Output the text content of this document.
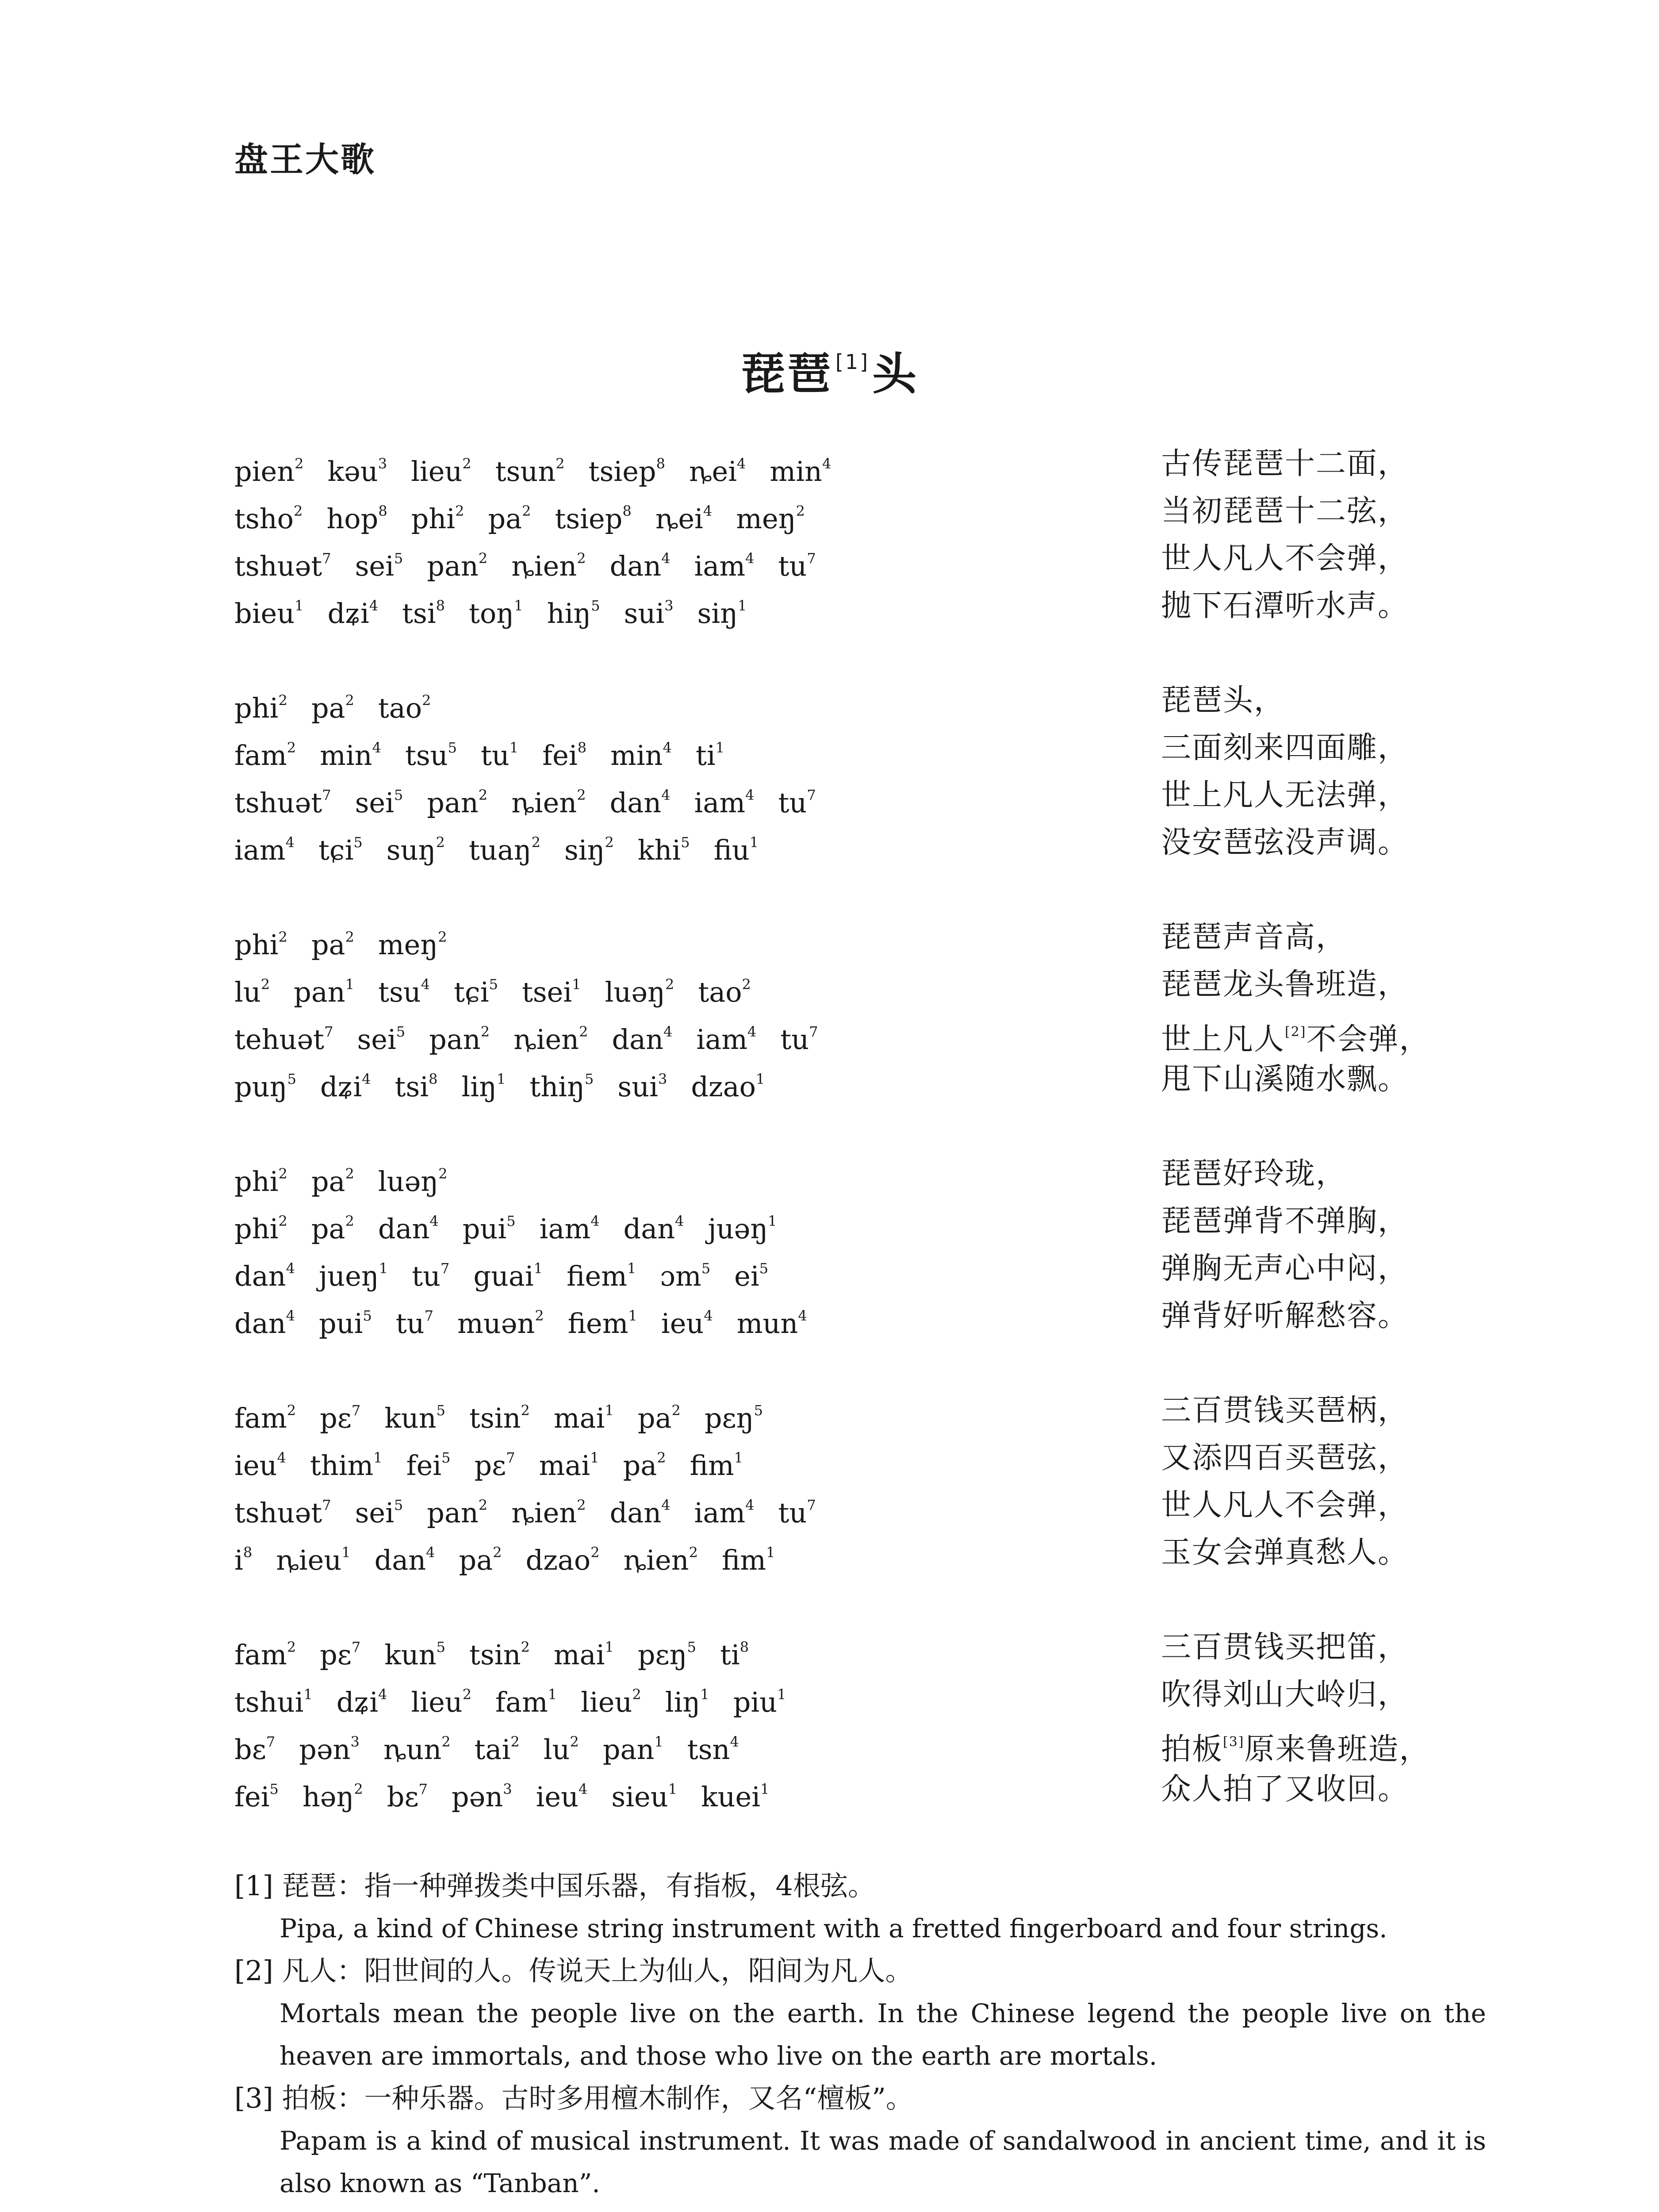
盘王大歌
琵琶 [1]头
pien$^2$ kəu$^3$ lieu$^2$ tsun$^2$ tsiep$^8$ ȵei$^4$ $\min^4$	古传琵琶十二面，
tsho$^2$ hop$^8$ phi$^2$ $pa^2$ tsiep$^8$ ȵei$^4$ meŋ$^2$	当初琵琶十二弦，
tshuət$^7$ sei$^5$ pan$^2$ ȵien$^2$ dan$^4$ iam$^4$ $tu^7$	世人凡人不会弹，
bieu$^1$ dʑi$^4$ tsi$^8$ toŋ$^1$ hiŋ$^5$ sui$^3$ siŋ$^1$	抛下石潭听水声。
phi$^2$ $pa^2$ tao$^2$	琵琶头，
fam$^2$ $\min^4 tsu^5$ $tu^1$ fei$^8$ $\min^4 ti^1$	三面刻来四面雕，
tshuət$^7$ sei$^5$ pan$^2$ ȵien$^2$ dan$^4$ iam$^4$ $tu^7$	世上凡人无法弹，
iam$^4$ tɕi$^5$ suŋ$^2$ tuaŋ$^2$ siŋ$^2$ khi$^5$ fiu$^1$	没安琶弦没声调。
phi$^2$ $pa^2$ meŋ$^2$	琵琶声音高，
$lu^2$ pan$^1$ tsu$^4$ tɕi$^5$ tsei$^1$ luəŋ$^2$ tao$^2$	琵琶龙头鲁班造，
tehuət$^7$ sei$^5$ pan$^2$ ȵien$^2$ dan$^4$ iam$^4$ $tu^7$	世上凡人[2]不会弹，
puŋ$^5$ dʑi$^4$ tsi$^8$ liŋ$^1$ thiŋ$^5$ sui$^3$ dzao$^1$	甩下山溪随水飘。
phi$^2$ $pa^2$ luəŋ$^2$	琵琶好玲珑，
phi$^2$ $pa^2$ dan$^4$ pui$^5$ iam$^4$ dan$^4$ juəŋ$^1$	琵琶弹背不弹胸，
dan$^4$ jueŋ$^1$ $tu^7$ guai$^1$ fiem$^1$ ɔm$^5$ $ei^5$	弹胸无声心中闷，
dan$^4$ pui$^5$ $tu^7$ muən$^2$ fiem$^1$ ieu$^4$ mun$^4$	弹背好听解愁容。
fam$^2$ pɛ$^7$ kun$^5$ tsin$^2$ mai$^1$ $pa^2$ pɛŋ$^5$	三百贯钱买琶柄，
ieu$^4$ thim$^1$ fei$^5$ pɛ$^7$ mai$^1$ $pa^2$ fim$^1$	又添四百买琶弦，
tshuət$^7$ sei$^5$ pan$^2$ ȵien$^2$ dan$^4$ iam$^4$ $tu^7$	世人凡人不会弹，
$i^8$ ȵieu$^1$ dan$^4$ $pa^2$ dzao$^2$ ȵien$^2$ fim$^1$	玉女会弹真愁人。
fam$^2$ pɛ$^7$ kun$^5$ tsin$^2$ mai$^1$ pɛŋ$^5$ $ti^8$	三百贯钱买把笛，
tshui$^1$ dʑi$^4$ lieu$^2$ fam$^1$ lieu$^2$ liŋ$^1$ piu$^1$	吹得刘山大岭归，
bɛ$^7$ pən$^3$ ȵun$^2$ tai$^2$ $lu^2$ pan$^1$ tsn$^4$	拍板[3]原来鲁班造，
fei$^5$ həŋ$^2$ bɛ$^7$ pən$^3$ ieu$^4$ sieu$^1$ kuei$^1$	众人拍了又收回。
[1] 琵琶：指一种弹拨类中国乐器，有指板，4根弦。
Pipa, a kind of Chinese string instrument with a fretted fingerboard and four strings.
[2] 凡人：阳世间的人。传说天上为仙人，阳间为凡人。
Mortals mean the people live on the earth. In the Chinese legend the people live on the heaven are immortals, and those who live on the earth are mortals.
[3] 拍板：一种乐器。古时多用檀木制作，又名“檀板”。
Papam is a kind of musical instrument. It was made of sandalwood in ancient time, and it is also known as “Tanban”.
